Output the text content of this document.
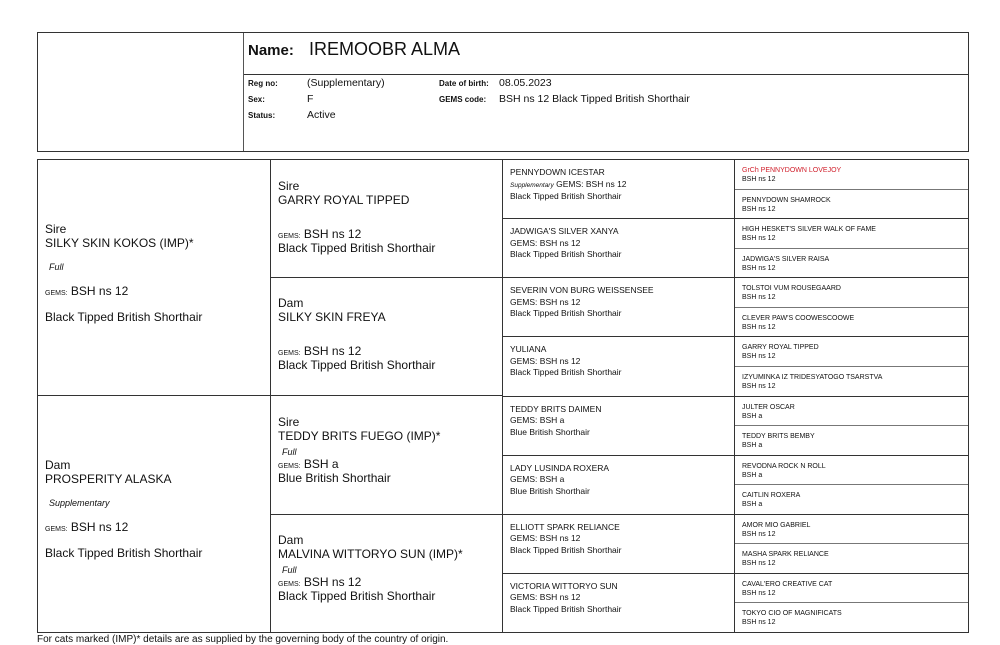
Name: IREMOOBR ALMA
Reg no:	(Supplementary)
Sex:	F
Status:	Active
Date of birth: 08.05.2023
GEMS code: BSH ns 12 Black Tipped British Shorthair
Sire
SILKY SKIN KOKOS (IMP)*
Full
GEMS: BSH ns 12
Black Tipped British Shorthair
Dam
PROSPERITY ALASKA
Supplementary
GEMS: BSH ns 12
Black Tipped British Shorthair
Sire
GARRY ROYAL TIPPED
GEMS: BSH ns 12
Black Tipped British Shorthair
Dam
SILKY SKIN FREYA
GEMS: BSH ns 12
Black Tipped British Shorthair
Sire
TEDDY BRITS FUEGO (IMP)*
Full
GEMS: BSH a
Blue British Shorthair
Dam
MALVINA WITTORYO SUN (IMP)*
Full
GEMS: BSH ns 12
Black Tipped British Shorthair
PENNYDOWN ICESTAR
Supplementary GEMS: BSH ns 12
Black Tipped British Shorthair
JADWIGA'S SILVER XANYA
GEMS: BSH ns 12
Black Tipped British Shorthair
SEVERIN VON BURG WEISSENSEE
GEMS: BSH ns 12
Black Tipped British Shorthair
YULIANA
GEMS: BSH ns 12
Black Tipped British Shorthair
TEDDY BRITS DAIMEN
GEMS: BSH a
Blue British Shorthair
LADY LUSINDA ROXERA
GEMS: BSH a
Blue British Shorthair
ELLIOTT SPARK RELIANCE
GEMS: BSH ns 12
Black Tipped British Shorthair
VICTORIA WITTORYO SUN
GEMS: BSH ns 12
Black Tipped British Shorthair
GrCh PENNYDOWN LOVEJOY
BSH ns 12
PENNYDOWN SHAMROCK
BSH ns 12
HIGH HESKET'S SILVER WALK OF FAME
BSH ns 12
JADWIGA'S SILVER RAISA
BSH ns 12
TOLSTOI VUM ROUSEGAARD
BSH ns 12
CLEVER PAW'S COOWESCOOWE
BSH ns 12
GARRY ROYAL TIPPED
BSH ns 12
IZYUMINKA IZ TRIDESYATOGO TSARSTVA
BSH ns 12
JULTER OSCAR
BSH a
TEDDY BRITS BEMBY
BSH a
REVODNA ROCK N ROLL
BSH a
CAITLIN ROXERA
BSH a
AMOR MIO GABRIEL
BSH ns 12
MASHA SPARK RELIANCE
BSH ns 12
CAVAL'ERO CREATIVE CAT
BSH ns 12
TOKYO CIO OF MAGNIFICATS
BSH ns 12
For cats marked (IMP)* details are as supplied by the governing body of the country of origin.
